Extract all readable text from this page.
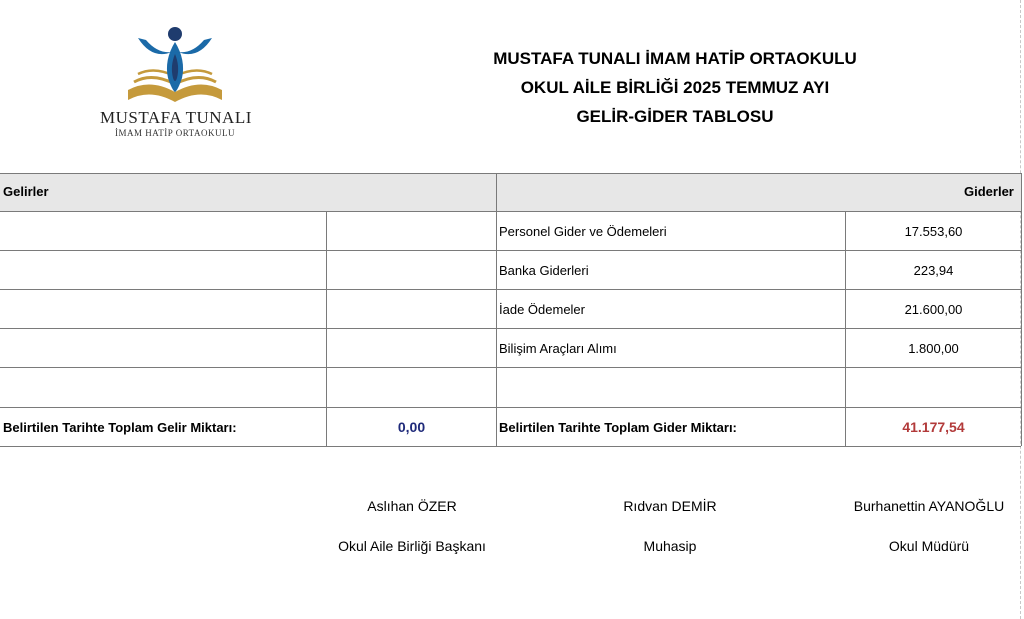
MUSTAFA TUNALI
İMAM HATİP ORTAOKULU
MUSTAFA TUNALI İMAM HATİP ORTAOKULU
OKUL AİLE BİRLİĞİ 2025 TEMMUZ AYI
GELİR-GİDER TABLOSU
Gelirler	Giderler
Personel Gider ve Ödemeleri	17.553,60
Banka Giderleri	223,94
İade Ödemeler	21.600,00
Bilişim Araçları Alımı	1.800,00
Belirtilen Tarihte Toplam Gelir Miktarı:	0,00	Belirtilen Tarihte Toplam Gider Miktarı:	41.177,54
Aslıhan ÖZER
Okul Aile Birliği Başkanı
Rıdvan DEMİR
Muhasip
Burhanettin AYANOĞLU
Okul Müdürü
